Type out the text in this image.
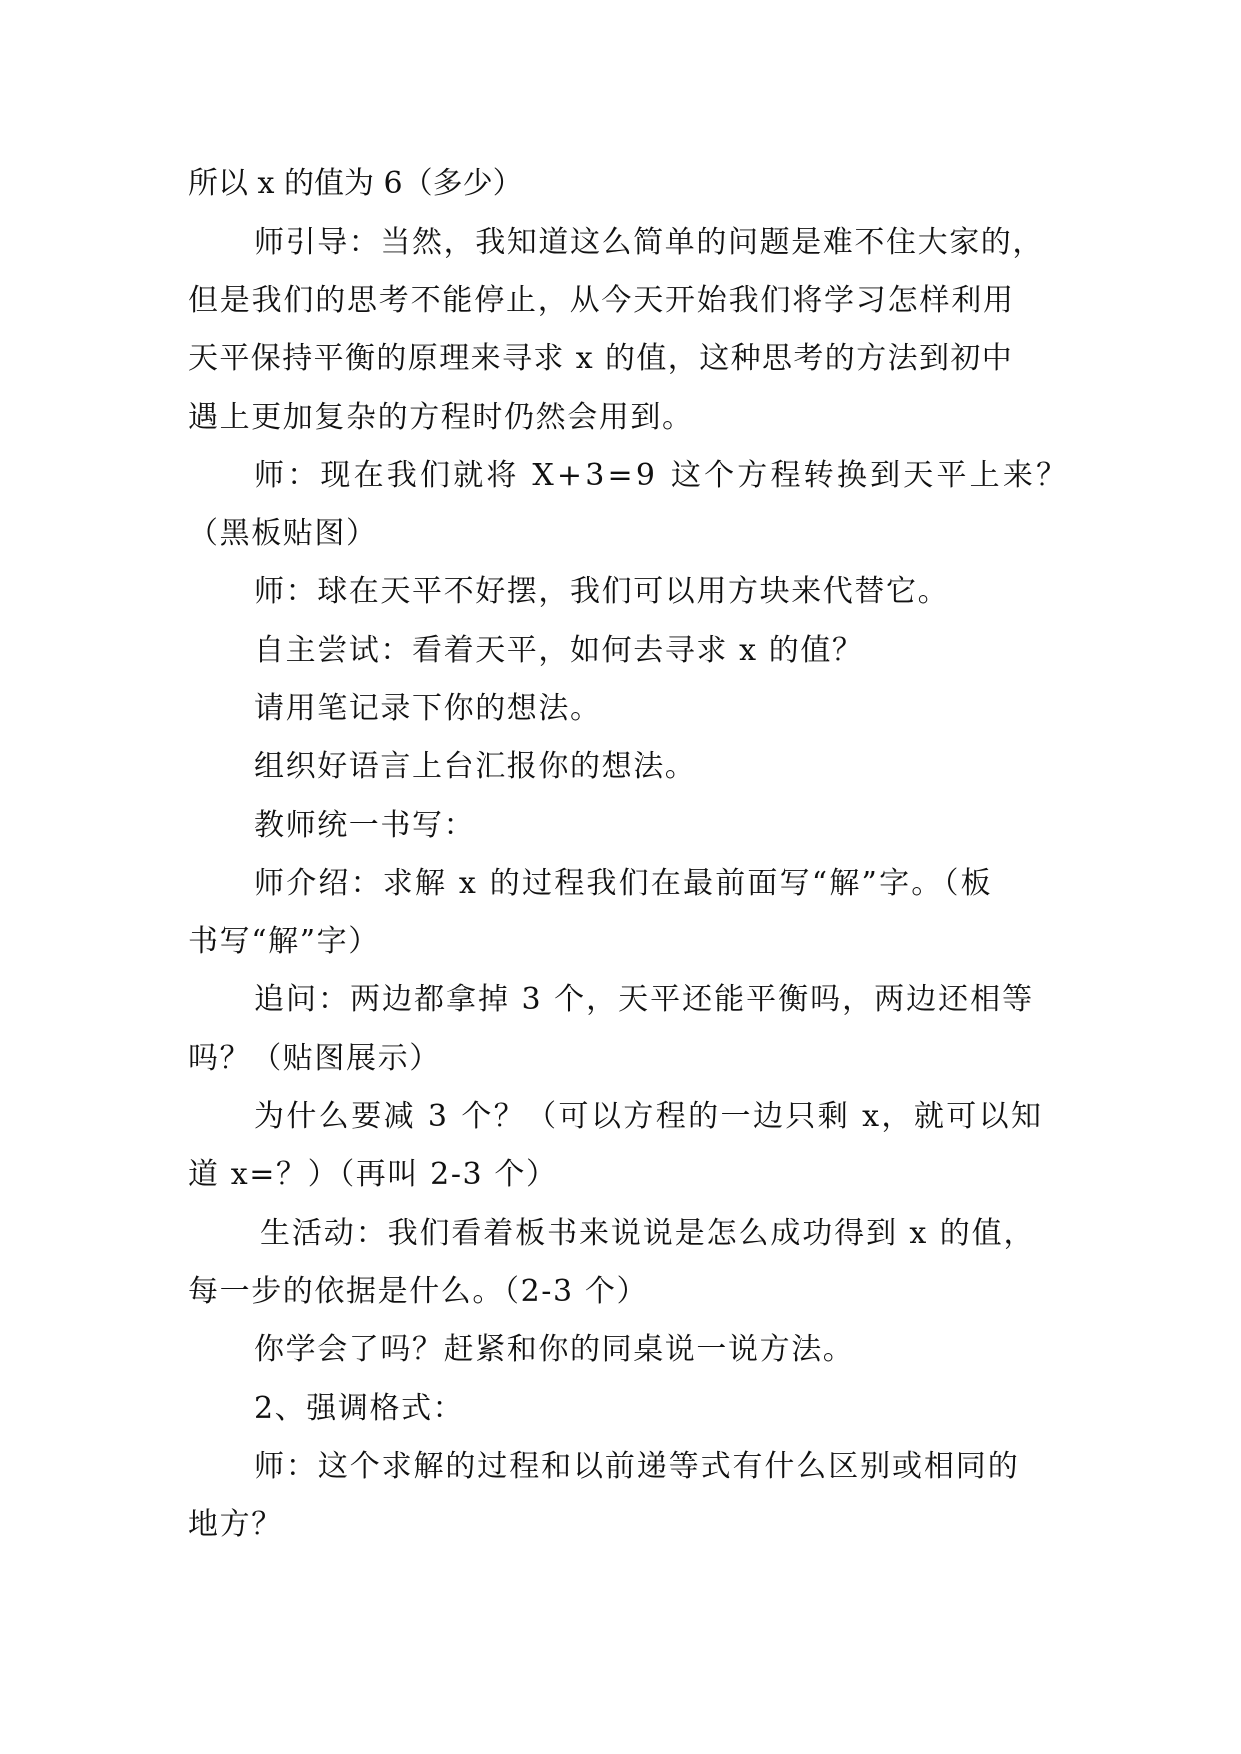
所以 x 的值为 6（多少）

师引导：当然，我知道这么简单的问题是难不住大家的，

但是我们的思考不能停止，从今天开始我们将学习怎样利用

天平保持平衡的原理来寻求 x 的值，这种思考的方法到初中

遇上更加复杂的方程时仍然会用到。

师：现在我们就将 X+3=9 这个方程转换到天平上来？

（黑板贴图）

师：球在天平不好摆，我们可以用方块来代替它。

自主尝试：看着天平，如何去寻求 x 的值？

请用笔记录下你的想法。

组织好语言上台汇报你的想法。

教师统一书写：

师介绍：求解 x 的过程我们在最前面写“解”字。（板

书写“解”字）

追问：两边都拿掉 3 个，天平还能平衡吗，两边还相等

吗？（贴图展示）

为什么要减 3 个？（可以方程的一边只剩 x，就可以知

道 x=？）（再叫 2-3 个）

生活动：我们看着板书来说说是怎么成功得到 x 的值，

每一步的依据是什么。（2-3 个）

你学会了吗？赶紧和你的同桌说一说方法。

2、强调格式：

师：这个求解的过程和以前递等式有什么区别或相同的

地方？
